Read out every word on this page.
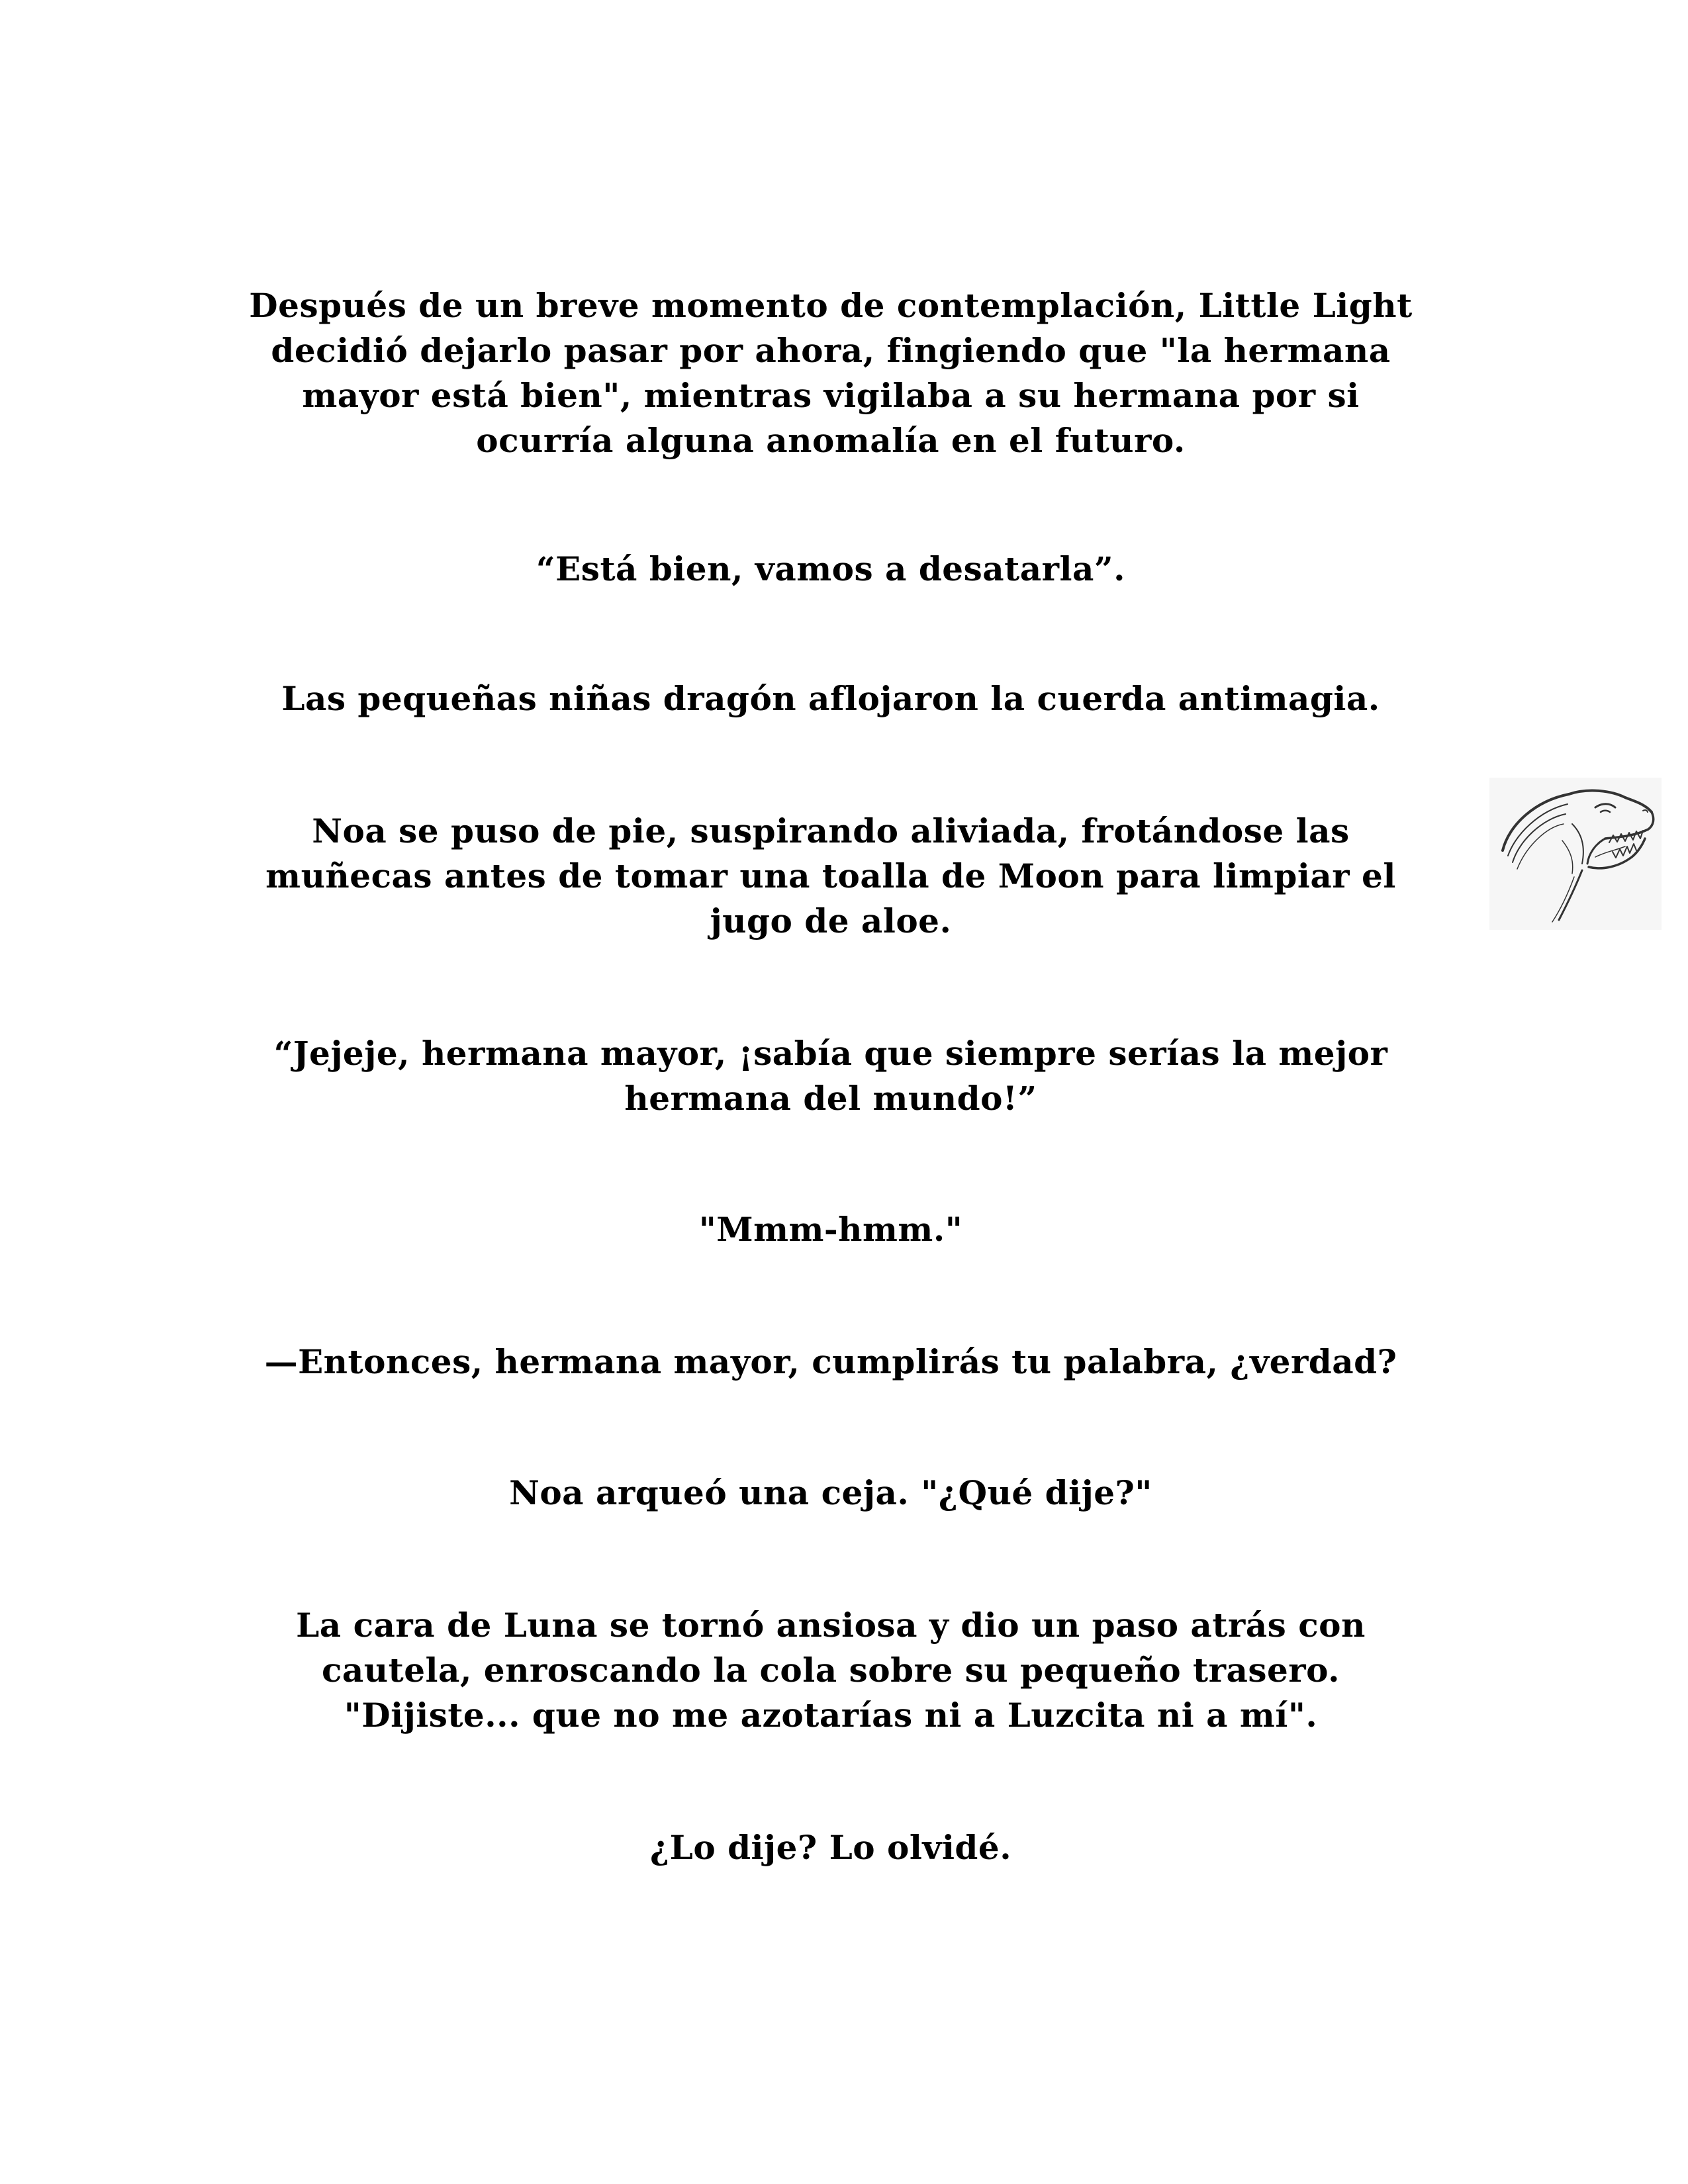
Después de un breve momento de contemplación, Little Light
decidió dejarlo pasar por ahora, fingiendo que "la hermana
mayor está bien", mientras vigilaba a su hermana por si
ocurría alguna anomalía en el futuro.

“Está bien, vamos a desatarla”.

Las pequeñas niñas dragón aflojaron la cuerda antimagia.

Noa se puso de pie, suspirando aliviada, frotándose las
muñecas antes de tomar una toalla de Moon para limpiar el
jugo de aloe.

“Jejeje, hermana mayor, ¡sabía que siempre serías la mejor
hermana del mundo!”

"Mmm-hmm."

—Entonces, hermana mayor, cumplirás tu palabra, ¿verdad?

Noa arqueó una ceja. "¿Qué dije?"

La cara de Luna se tornó ansiosa y dio un paso atrás con
cautela, enroscando la cola sobre su pequeño trasero.
"Dijiste... que no me azotarías ni a Luzcita ni a mí".

¿Lo dije? Lo olvidé.
